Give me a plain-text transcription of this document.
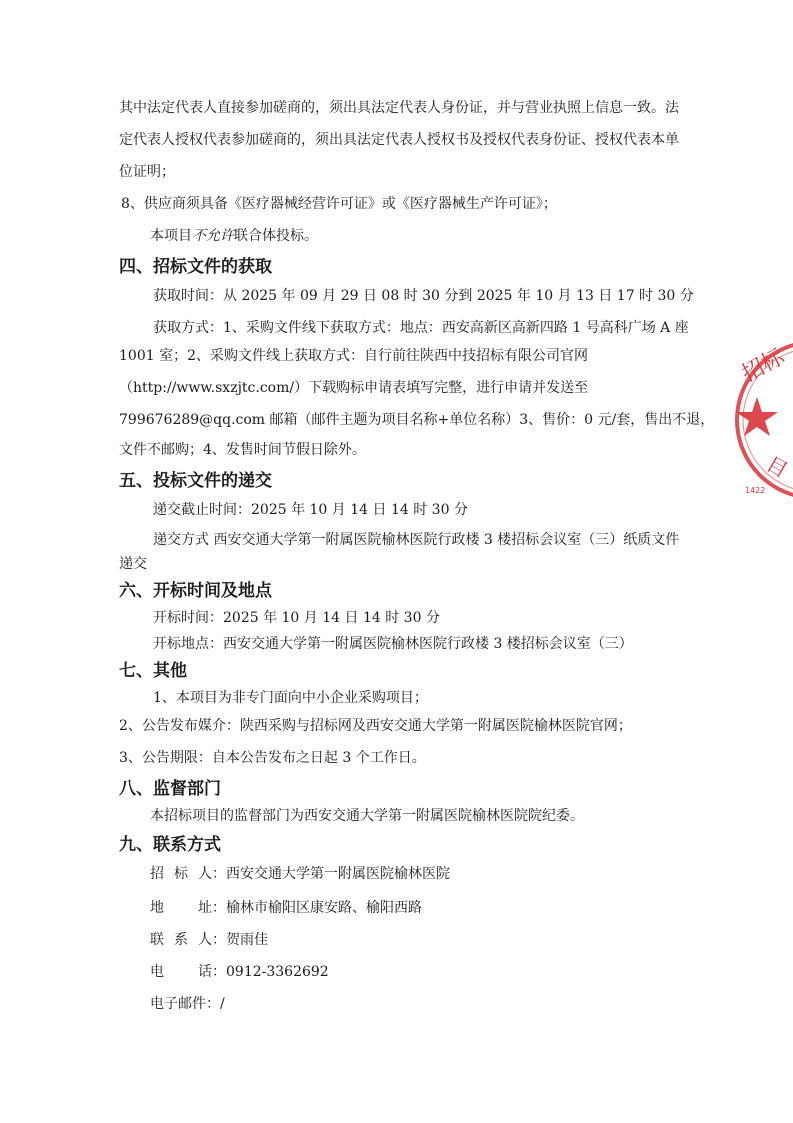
其中法定代表人直接参加磋商的，须出具法定代表人身份证，并与营业执照上信息一致。法
定代表人授权代表参加磋商的，须出具法定代表人授权书及授权代表身份证、授权代表本单
位证明；
8、供应商须具备《医疗器械经营许可证》或《医疗器械生产许可证》；
本项目不允许联合体投标。
四、招标文件的获取
获取时间：从 2025 年 09 月 29 日 08 时 30 分到 2025 年 10 月 13 日 17 时 30 分
获取方式：1、采购文件线下获取方式：地点：西安高新区高新四路 1 号高科广场 A 座
1001 室；2、采购文件线上获取方式：自行前往陕西中技招标有限公司官网
（http://www.sxzjtc.com/）下载购标申请表填写完整，进行申请并发送至
799676289@qq.com 邮箱（邮件主题为项目名称+单位名称）3、售价：0 元/套，售出不退，
文件不邮购；4、发售时间节假日除外。
五、投标文件的递交
递交截止时间：2025 年 10 月 14 日 14 时 30 分
递交方式 西安交通大学第一附属医院榆林医院行政楼 3 楼招标会议室（三）纸质文件
递交
六、开标时间及地点
开标时间：2025 年 10 月 14 日 14 时 30 分
开标地点：西安交通大学第一附属医院榆林医院行政楼 3 楼招标会议室（三）
七、其他
1、本项目为非专门面向中小企业采购项目；
2、公告发布媒介：陕西采购与招标网及西安交通大学第一附属医院榆林医院官网；
3、公告期限：自本公告发布之日起 3 个工作日。
八、监督部门
本招标项目的监督部门为西安交通大学第一附属医院榆林医院院纪委。
九、联系方式
招标人：西安交通大学第一附属医院榆林医院
地址：榆林市榆阳区康安路、榆阳西路
联系人：贺雨佳
电话：0912-3362692
电子邮件：/
招标
目
1422
